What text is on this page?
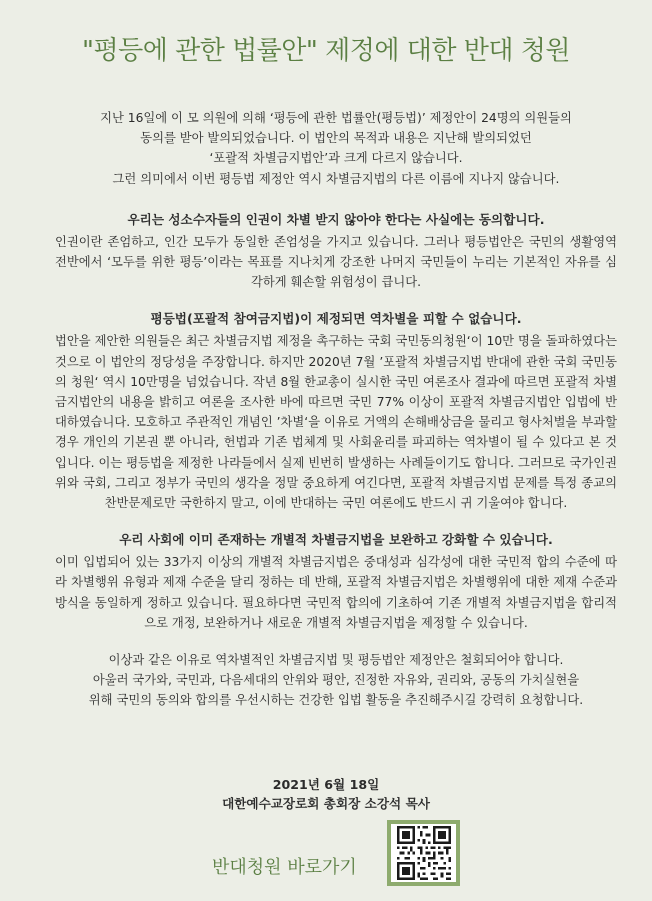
"평등에 관한 법률안" 제정에 대한 반대 청원

지난 16일에 이 모 의원에 의해 ‘평등에 관한 법률안(평등법)’ 제정안이 24명의 의원들의

동의를 받아 발의되었습니다. 이 법안의 목적과 내용은 지난해 발의되었던

‘포괄적 차별금지법안’과 크게 다르지 않습니다.

그런 의미에서 이번 평등법 제정안 역시 차별금지법의 다른 이름에 지나지 않습니다.

우리는 성소수자들의 인권이 차별 받지 않아야 한다는 사실에는 동의합니다.

인권이란 존엄하고, 인간 모두가 동일한 존엄성을 가지고 있습니다. 그러나 평등법안은 국민의 생활영역 전반에서 ‘모두를 위한 평등’이라는 목표를 지나치게 강조한 나머지 국민들이 누리는 기본적인 자유를 심각하게 훼손할 위험성이 큽니다.

평등법(포괄적 참여금지법)이 제정되면 역차별을 피할 수 없습니다.

법안을 제안한 의원들은 최근 차별금지법 제정을 촉구하는 국회 국민동의청원‘이 10만 명을 돌파하였다는 것으로 이 법안의 정당성을 주장합니다. 하지만 2020년 7월 ’포괄적 차별금지법 반대에 관한 국회 국민동의 청원‘ 역시 10만명을 넘었습니다. 작년 8월 한교총이 실시한 국민 여론조사 결과에 따르면 포괄적 차별금지법안의 내용을 밝히고 여론을 조사한 바에 따르면 국민 77% 이상이 포괄적 차별금지법안 입법에 반대하였습니다. 모호하고 주관적인 개념인 ’차별‘을 이유로 거액의 손해배상금을 물리고 형사처벌을 부과할 경우 개인의 기본권 뿐 아니라, 헌법과 기존 법체계 및 사회윤리를 파괴하는 역차별이 될 수 있다고 본 것입니다. 이는 평등법을 제정한 나라들에서 실제 빈번히 발생하는 사례들이기도 합니다. 그러므로 국가인권위와 국회, 그리고 정부가 국민의 생각을 정말 중요하게 여긴다면, 포괄적 차별금지법 문제를 특정 종교의 찬반문제로만 국한하지 말고, 이에 반대하는 국민 여론에도 반드시 귀 기울여야 합니다.

우리 사회에 이미 존재하는 개별적 차별금지법을 보완하고 강화할 수 있습니다.

이미 입법되어 있는 33가지 이상의 개별적 차별금지법은 중대성과 심각성에 대한 국민적 합의 수준에 따라 차별행위 유형과 제재 수준을 달리 정하는 데 반해, 포괄적 차별금지법은 차별행위에 대한 제재 수준과 방식을 동일하게 정하고 있습니다. 필요하다면 국민적 합의에 기초하여 기존 개별적 차별금지법을 합리적으로 개정, 보완하거나 새로운 개별적 차별금지법을 제정할 수 있습니다.

이상과 같은 이유로 역차별적인 차별금지법 및 평등법안 제정안은 철회되어야 합니다.

아울러 국가와, 국민과, 다음세대의 안위와 평안, 진정한 자유와, 권리와, 공동의 가치실현을

위해 국민의 동의와 합의를 우선시하는 건강한 입법 활동을 추진해주시길 강력히 요청합니다.

2021년 6월 18일
대한예수교장로회 총회장 소강석 목사
반대청원 바로가기
